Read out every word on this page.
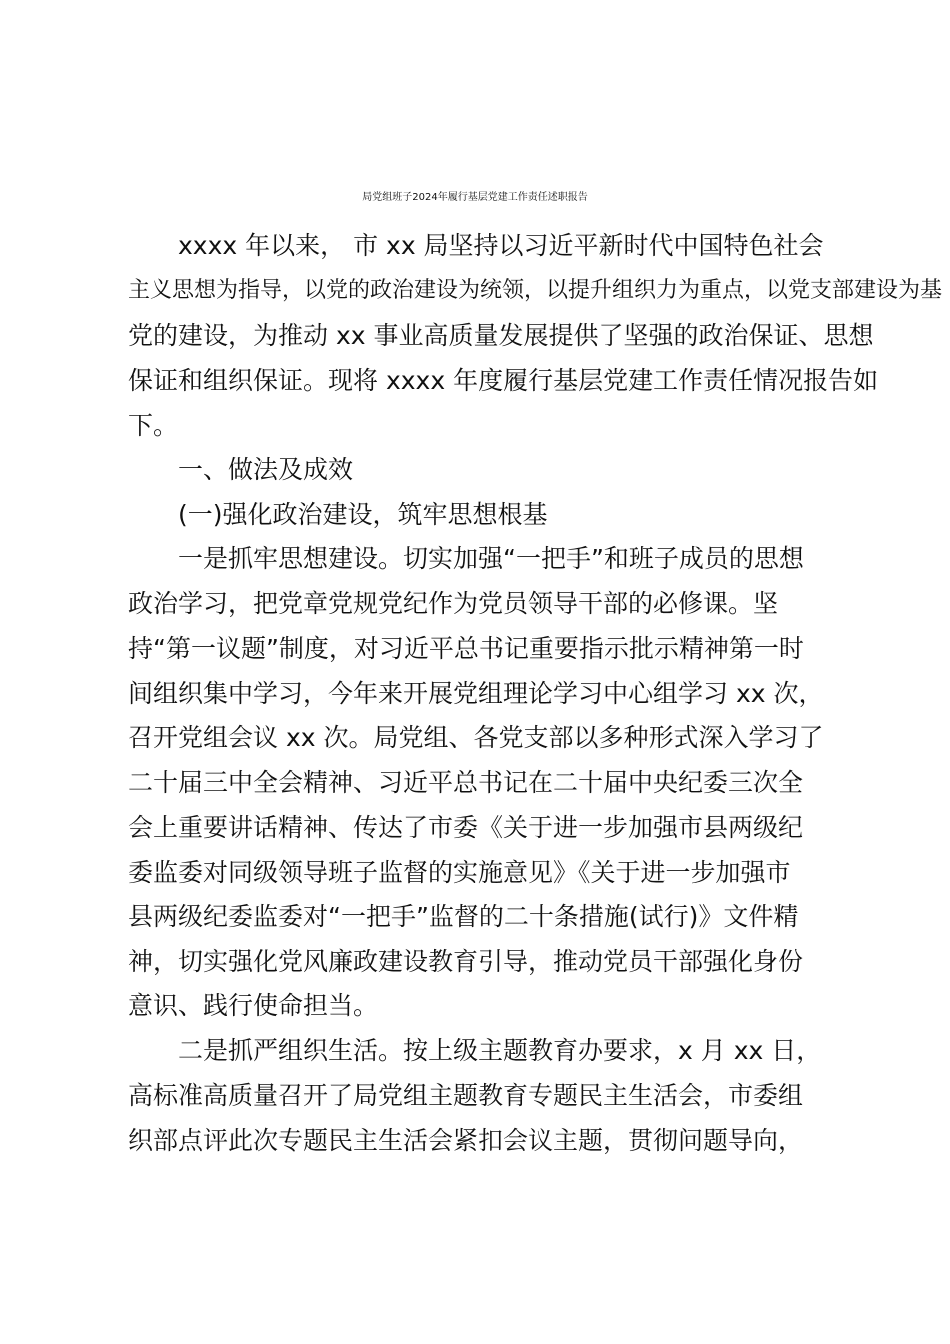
局党组班子2024年履行基层党建工作责任述职报告
xxxx 年以来， 市 xx 局坚持以习近平新时代中国特色社会
主义思想为指导，以党的政治建设为统领，以提升组织力为重点，以党支部建设为基
党的建设，为推动 xx 事业高质量发展提供了坚强的政治保证、思想
保证和组织保证。现将 xxxx 年度履行基层党建工作责任情况报告如
下。
一、做法及成效
(一)强化政治建设，筑牢思想根基
一是抓牢思想建设。切实加强“一把手”和班子成员的思想
政治学习，把党章党规党纪作为党员领导干部的必修课。坚
持“第一议题”制度，对习近平总书记重要指示批示精神第一时
间组织集中学习，今年来开展党组理论学习中心组学习 xx 次，
召开党组会议 xx 次。局党组、各党支部以多种形式深入学习了
二十届三中全会精神、习近平总书记在二十届中央纪委三次全
会上重要讲话精神、传达了市委《关于进一步加强市县两级纪
委监委对同级领导班子监督的实施意见》《关于进一步加强市
县两级纪委监委对“一把手”监督的二十条措施(试行)》文件精
神，切实强化党风廉政建设教育引导，推动党员干部强化身份
意识、践行使命担当。
二是抓严组织生活。按上级主题教育办要求，x 月 xx 日，
高标准高质量召开了局党组主题教育专题民主生活会，市委组
织部点评此次专题民主生活会紧扣会议主题，贯彻问题导向，
